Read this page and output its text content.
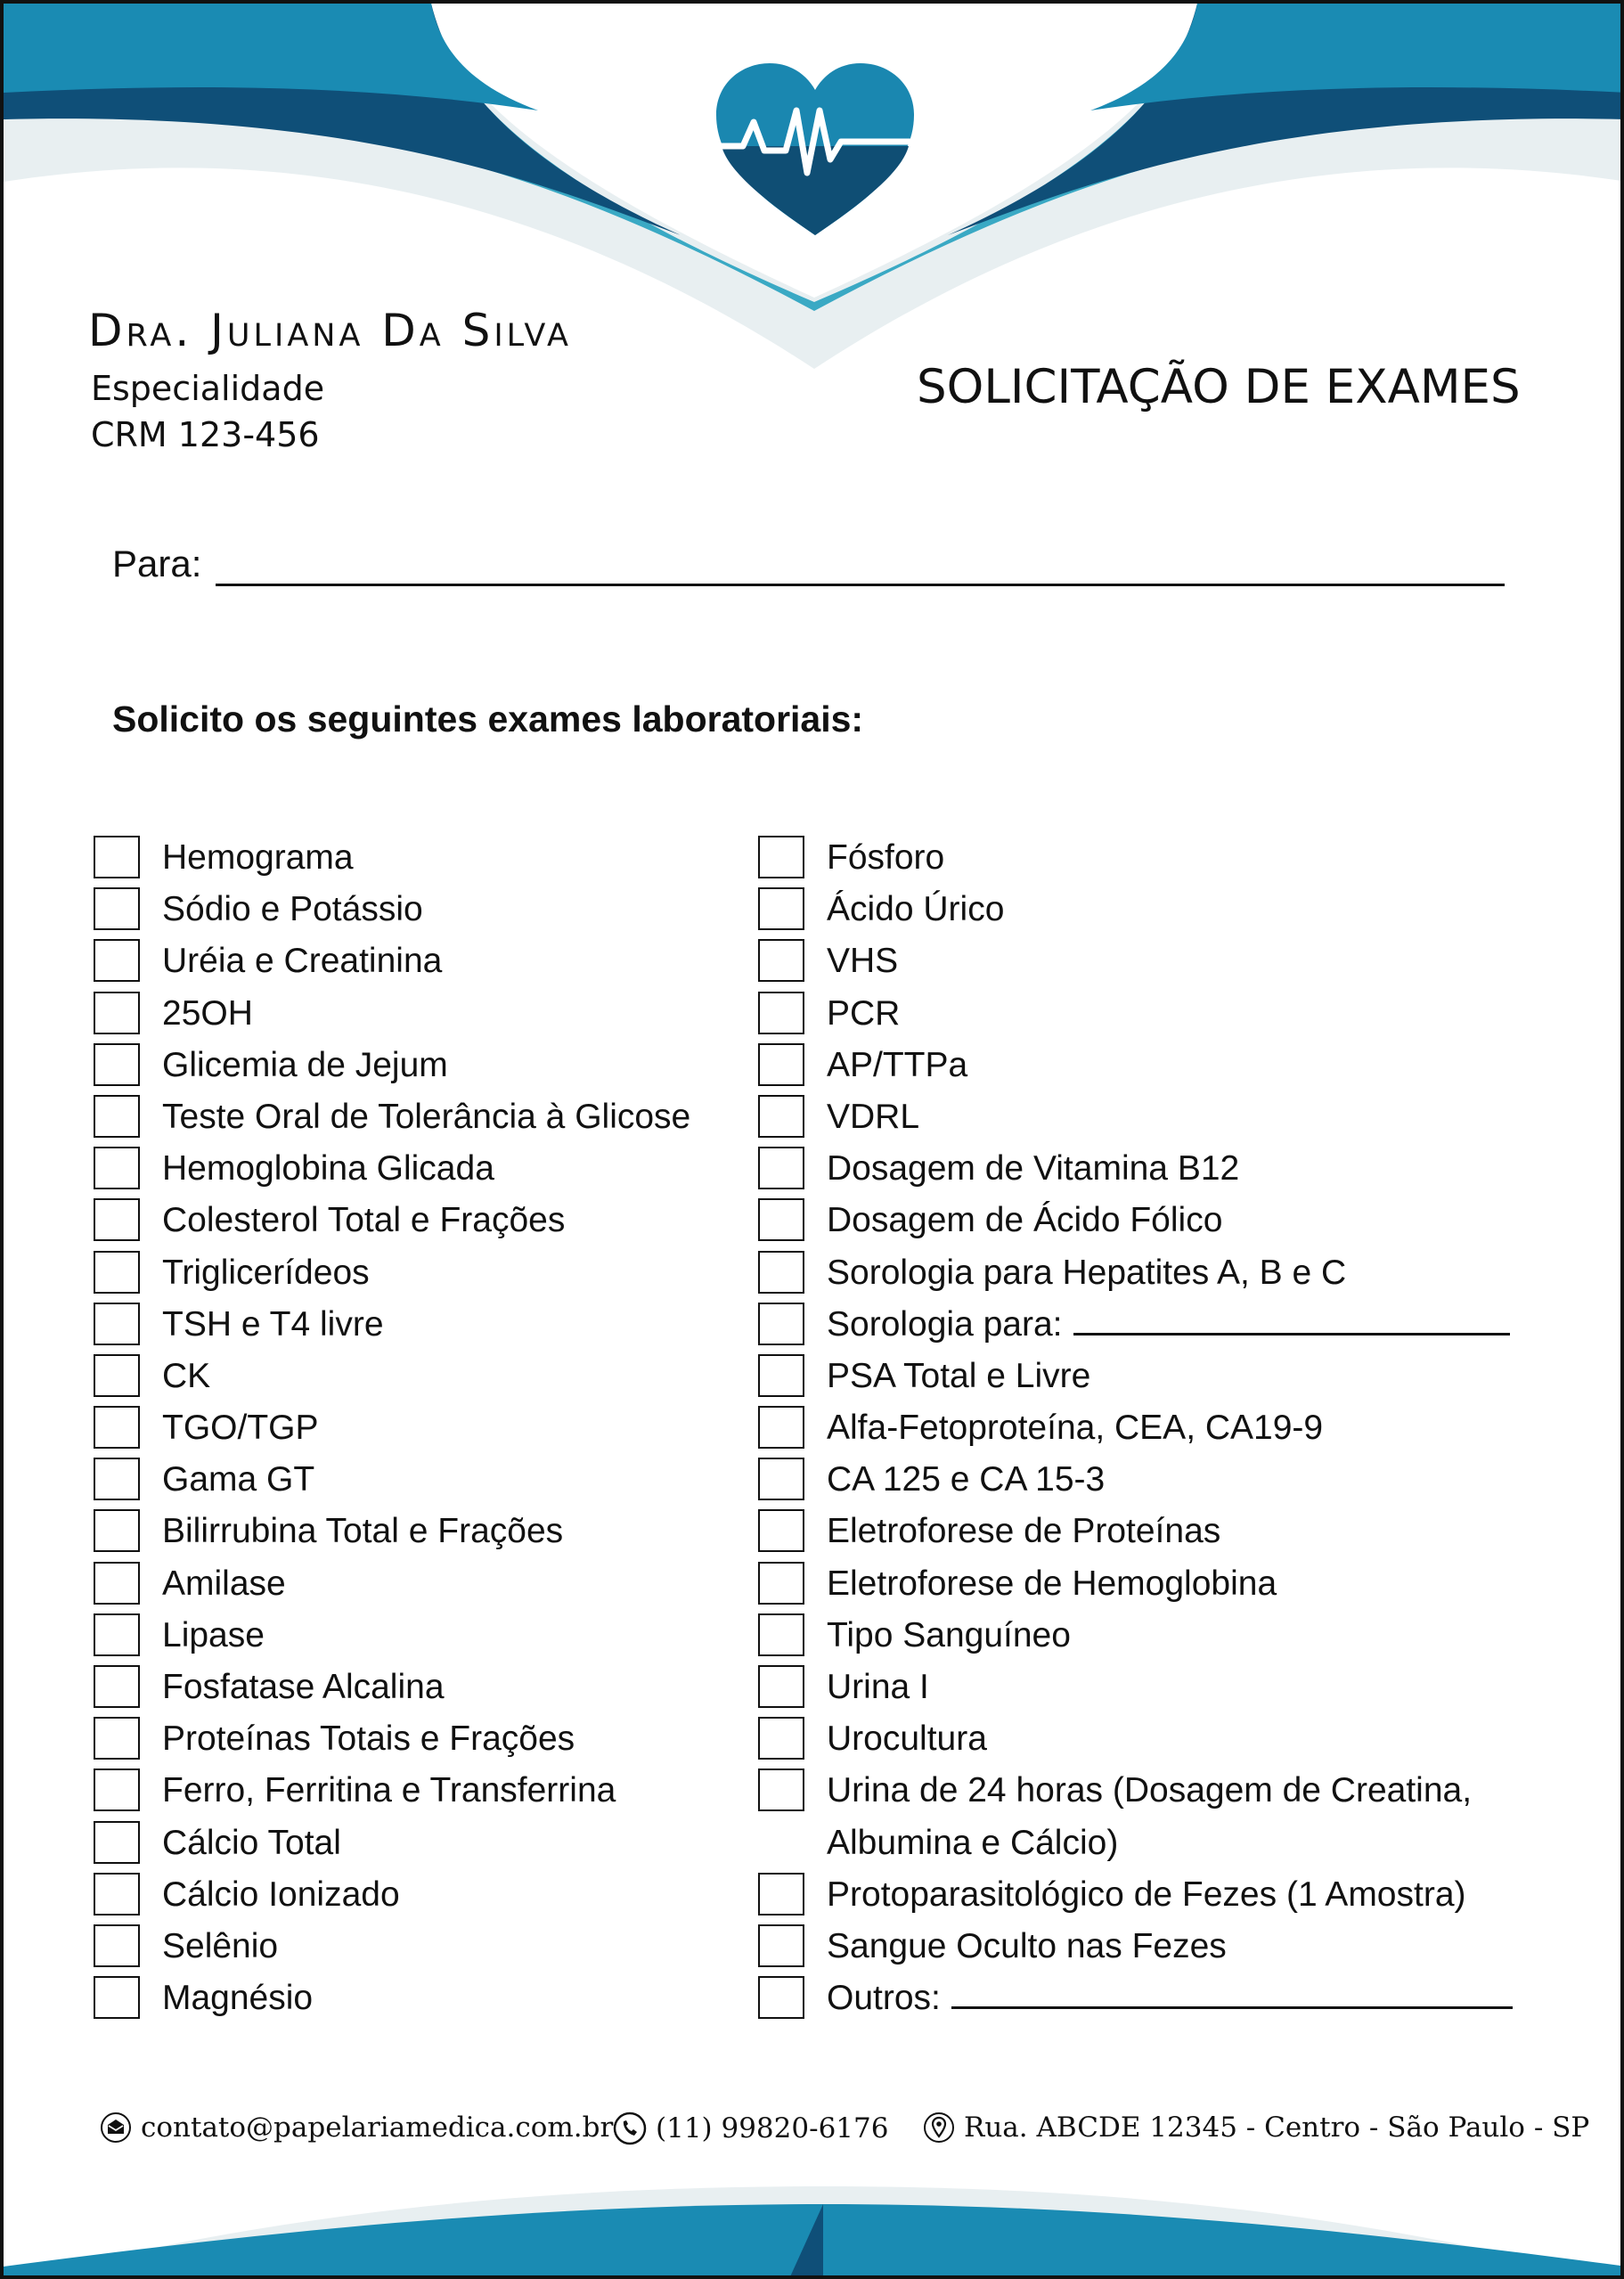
Dra. Juliana Da Silva
Especialidade
CRM 123-456
SOLICITAÇÃO DE EXAMES
Para:
Solicito os seguintes exames laboratoriais:
Hemograma
Sódio e Potássio
Uréia e Creatinina
25OH
Glicemia de Jejum
Teste Oral de Tolerância à Glicose
Hemoglobina Glicada
Colesterol Total e Frações
Triglicerídeos
TSH e T4 livre
CK
TGO/TGP
Gama GT
Bilirrubina Total e Frações
Amilase
Lipase
Fosfatase Alcalina
Proteínas Totais e Frações
Ferro, Ferritina e Transferrina
Cálcio Total
Cálcio Ionizado
Selênio
Magnésio
Fósforo
Ácido Úrico
VHS
PCR
AP/TTPa
VDRL
Dosagem de Vitamina B12
Dosagem de Ácido Fólico
Sorologia para Hepatites A, B e C
Sorologia para:
PSA Total e Livre
Alfa-Fetoproteína, CEA, CA19-9
CA 125 e CA 15-3
Eletroforese de Proteínas
Eletroforese de Hemoglobina
Tipo Sanguíneo
Urina I
Urocultura
Urina de 24 horas (Dosagem de Creatina, Albumina e Cálcio)
Protoparasitológico de Fezes (1 Amostra)
Sangue Oculto nas Fezes
Outros:
contato@papelariamedica.com.br (11) 99820-6176	Rua. ABCDE 12345 - Centro - São Paulo - SP
